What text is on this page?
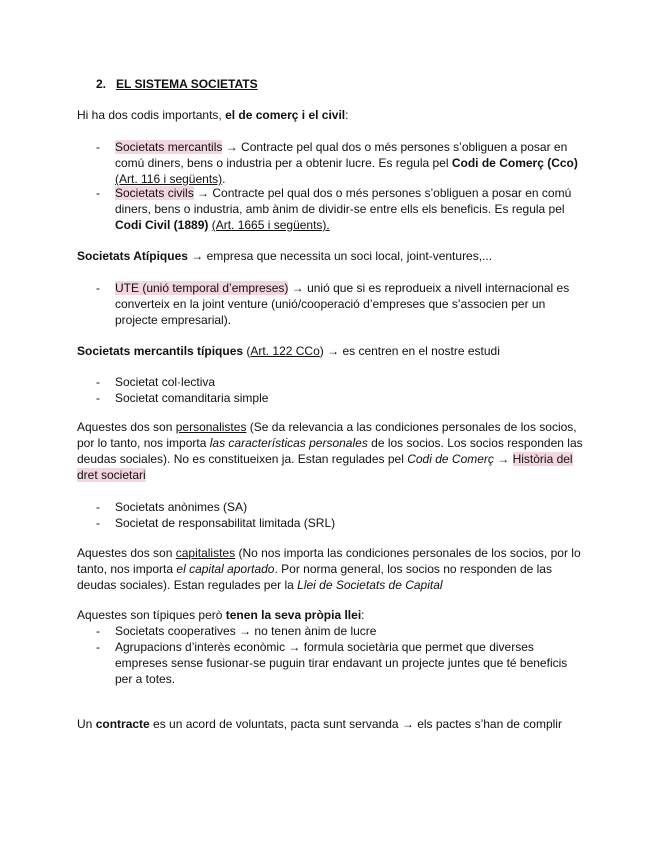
2. EL SISTEMA SOCIETATS
Hi ha dos codis importants, el de comerç i el civil:
- Societats mercantils → Contracte pel qual dos o més persones s’obliguen a posar en
comú diners, bens o industria per a obtenir lucre. Es regula pel Codi de Comerç (Cco)
(Art. 116 i següents).
- Societats civils → Contracte pel qual dos o més persones s’obliguen a posar en comú
diners, bens o industria, amb ànim de dividir-se entre ells els beneficis. Es regula pel
Codi Civil (1889) (Art. 1665 i següents).
Societats Atípiques → empresa que necessita un soci local, joint-ventures,...
- UTE (unió temporal d’empreses) → unió que si es reprodueix a nivell internacional es
converteix en la joint venture (unió/cooperació d’empreses que s’associen per un
projecte empresarial).
Societats mercantils típiques (Art. 122 CCo) → es centren en el nostre estudi
- Societat col·lectiva
- Societat comanditaria simple
Aquestes dos son personalistes (Se da relevancia a las condiciones personales de los socios,
por lo tanto, nos importa las características personales de los socios. Los socios responden las
deudas sociales). No es constitueixen ja. Estan regulades pel Codi de Comerç → Història del
dret societari
- Societats anònimes (SA)
- Societat de responsabilitat limitada (SRL)
Aquestes dos son capitalistes (No nos importa las condiciones personales de los socios, por lo
tanto, nos importa el capital aportado. Por norma general, los socios no responden de las
deudas sociales). Estan regulades per la Llei de Societats de Capital
Aquestes son típiques però tenen la seva pròpia llei:
- Societats cooperatives → no tenen ànim de lucre
- Agrupacions d’interès econòmic → formula societària que permet que diverses
empreses sense fusionar-se puguin tirar endavant un projecte juntes que té beneficis
per a totes.
Un contracte es un acord de voluntats, pacta sunt servanda → els pactes s’han de complir
